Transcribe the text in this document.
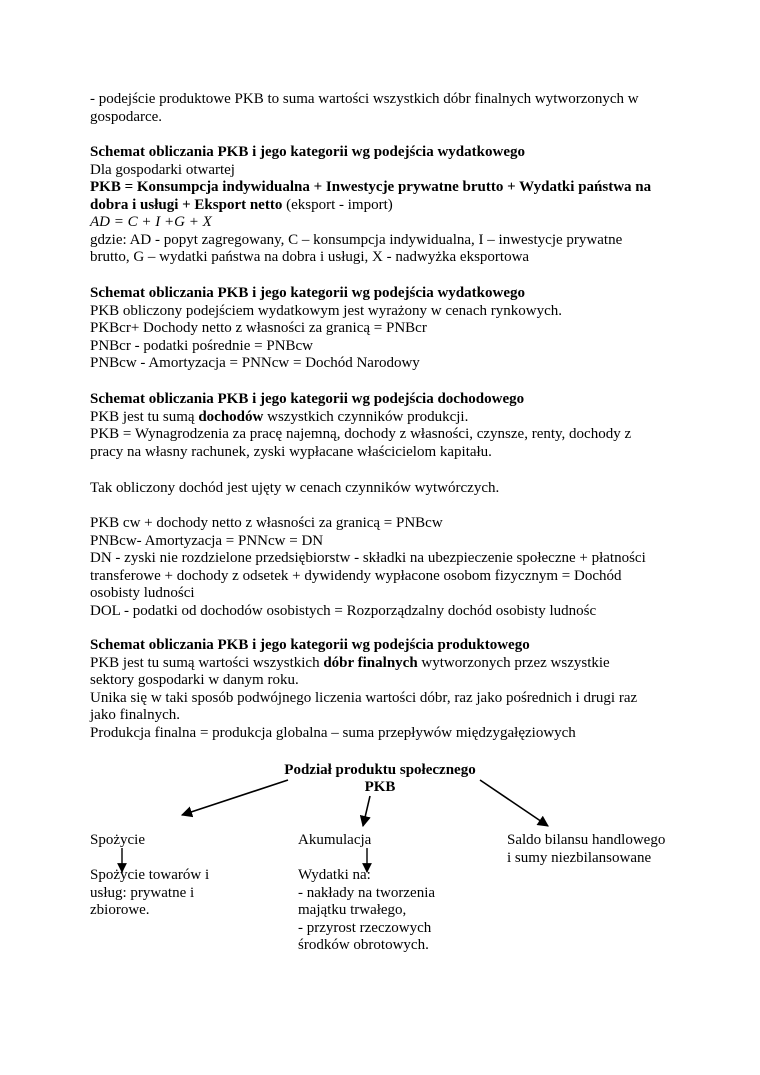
- podejście produktowe PKB to suma wartości wszystkich dóbr finalnych wytworzonych w
gospodarce.
Schemat obliczania PKB i jego kategorii wg podejścia wydatkowego
Dla gospodarki otwartej
PKB = Konsumpcja indywidualna + Inwestycje prywatne brutto + Wydatki państwa na
dobra i usługi + Eksport netto (eksport - import)
AD = C + I +G + X
gdzie: AD - popyt zagregowany, C – konsumpcja indywidualna, I – inwestycje prywatne
brutto, G – wydatki państwa na dobra i usługi, X - nadwyżka eksportowa
Schemat obliczania PKB i jego kategorii wg podejścia wydatkowego
PKB obliczony podejściem wydatkowym jest wyrażony w cenach rynkowych.
PKBcr+ Dochody netto z własności za granicą = PNBcr
PNBcr - podatki pośrednie = PNBcw
PNBcw - Amortyzacja = PNNcw = Dochód Narodowy
Schemat obliczania PKB i jego kategorii wg podejścia dochodowego
PKB jest tu sumą dochodów wszystkich czynników produkcji.
PKB = Wynagrodzenia za pracę najemną, dochody z własności, czynsze, renty, dochody z
pracy na własny rachunek, zyski wypłacane właścicielom kapitału.
Tak obliczony dochód jest ujęty w cenach czynników wytwórczych.
PKB cw + dochody netto z własności za granicą = PNBcw
PNBcw- Amortyzacja = PNNcw = DN
DN - zyski nie rozdzielone przedsiębiorstw - składki na ubezpieczenie społeczne + płatności
transferowe + dochody z odsetek + dywidendy wypłacone osobom fizycznym = Dochód
osobisty ludności
DOL - podatki od dochodów osobistych = Rozporządzalny dochód osobisty ludnośc
Schemat obliczania PKB i jego kategorii wg podejścia produktowego
PKB jest tu sumą wartości wszystkich dóbr finalnych wytworzonych przez wszystkie
sektory gospodarki w danym roku.
Unika się w taki sposób podwójnego liczenia wartości dóbr, raz jako pośrednich i drugi raz
jako finalnych.
Produkcja finalna = produkcja globalna – suma przepływów międzygałęziowych
Podział produktu społecznego
PKB
Spożycie
Spożycie towarów i
usług: prywatne i
zbiorowe.
Akumulacja
Wydatki na:
- nakłady na tworzenia
majątku trwałego,
- przyrost rzeczowych
środków obrotowych.
Saldo bilansu handlowego
i sumy niezbilansowane
